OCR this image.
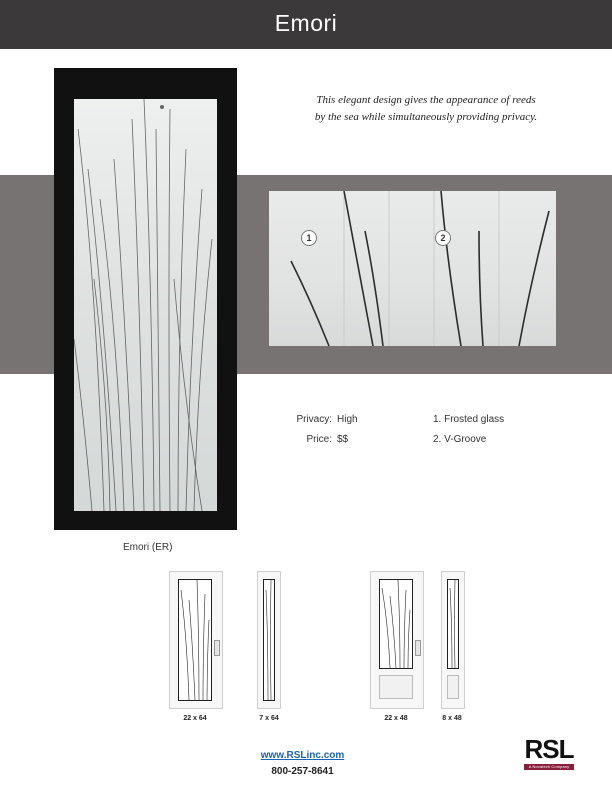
Emori
This elegant design gives the appearance of reeds
by the sea while simultaneously providing privacy.
1	2
Privacy: High
Price: $$
1. Frosted glass
2. V-Groove
Emori (ER)
22 x 64	7 x 64	22 x 48	8 x 48
www.RSLinc.com
800-257-8641
RSL
A Novatech Company
